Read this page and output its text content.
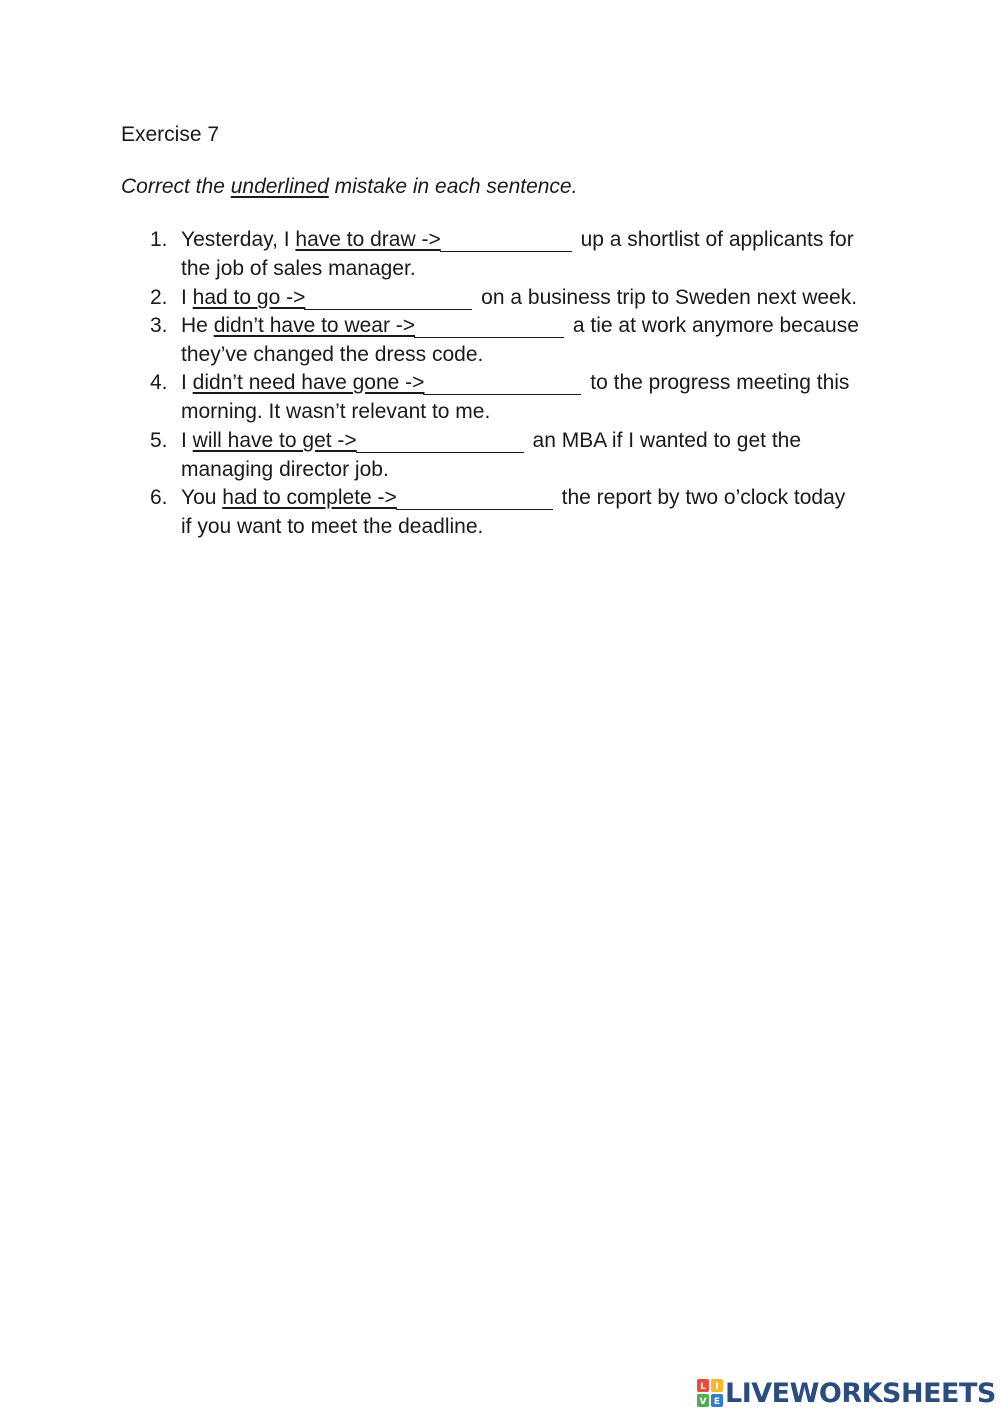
Exercise 7
Correct the underlined mistake in each sentence.
1. Yesterday, I have to draw ->	up a shortlist of applicants for
the job of sales manager.
2. I had to go ->	on a business trip to Sweden next week.
3. He didn’t have to wear ->	a tie at work anymore because
they’ve changed the dress code.
4. I didn’t need have gone ->	to the progress meeting this
morning. It wasn’t relevant to me.
5. I will have to get ->	an MBA if I wanted to get the
managing director job.
6. You had to complete ->	the report by two o’clock today
if you want to meet the deadline.
L I
V E LIVEWORKSHEETS
